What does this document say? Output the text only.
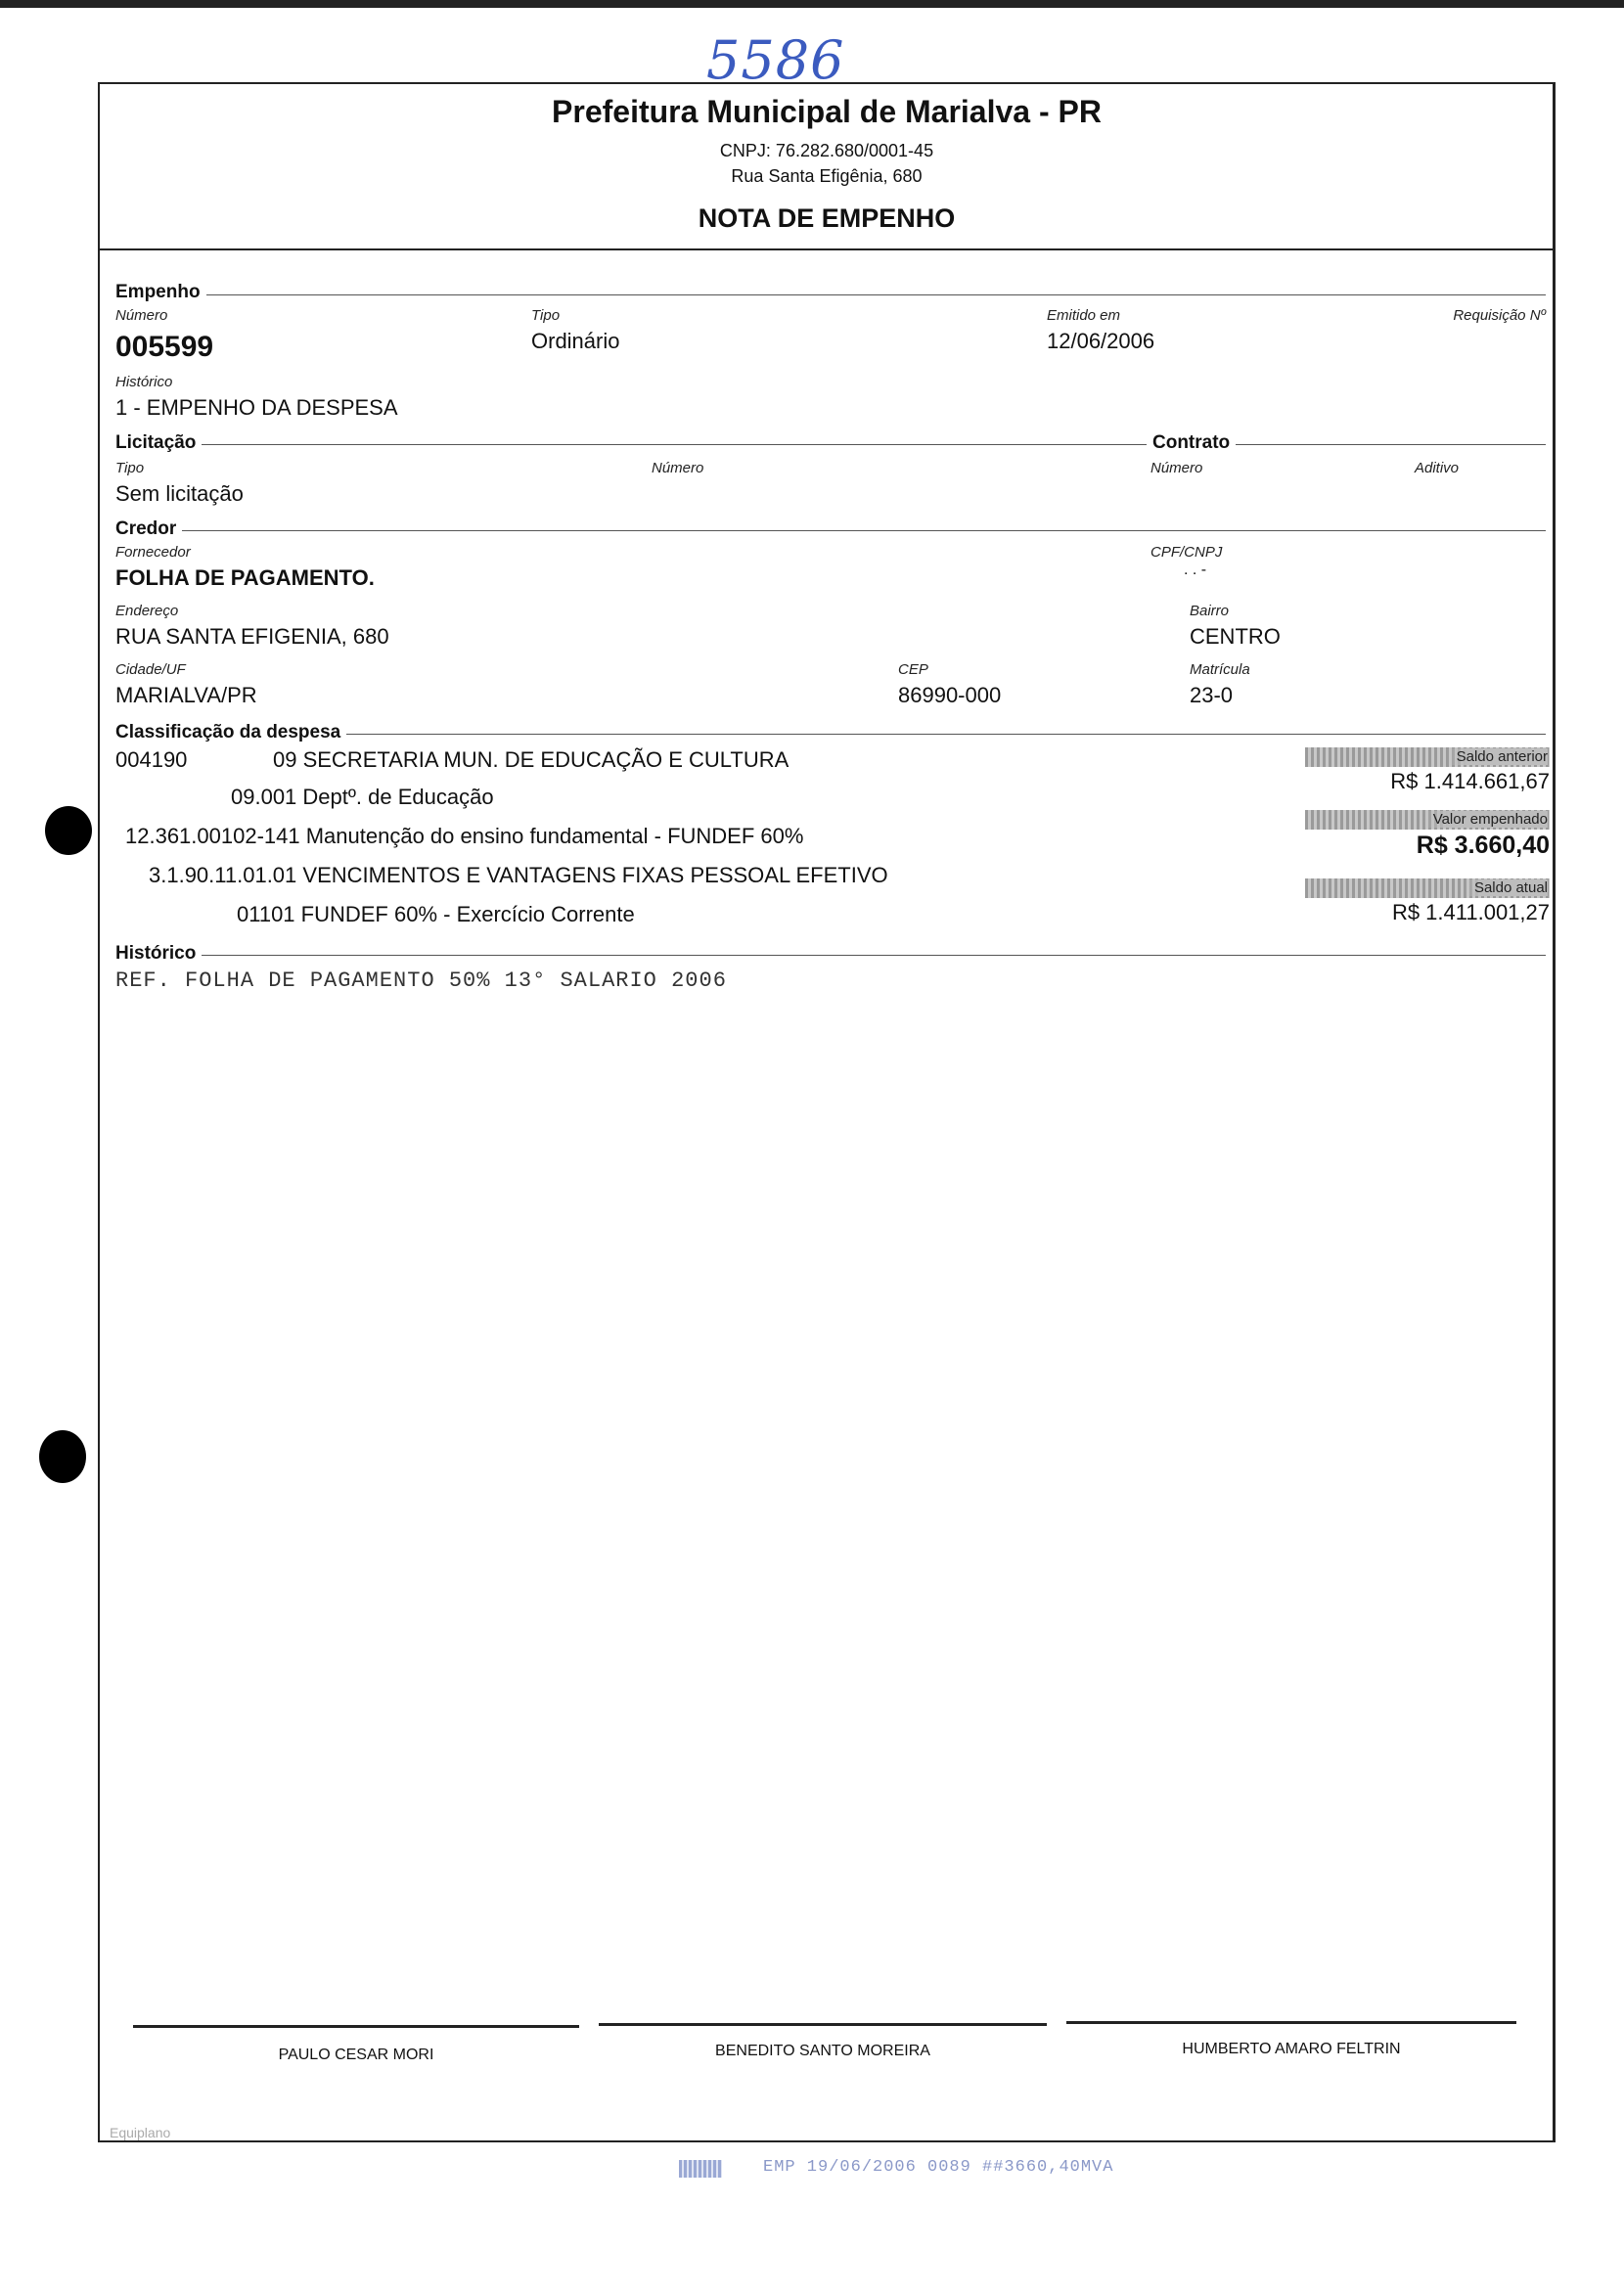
5586
Prefeitura Municipal de Marialva - PR
CNPJ: 76.282.680/0001-45
Rua Santa Efigênia, 680
NOTA DE EMPENHO
Empenho
Número
005599
Tipo
Ordinário
Emitido em
12/06/2006
Requisição Nº
Histórico
1 - EMPENHO DA DESPESA
Licitação	Contrato
Tipo
Sem licitação
Número	Número	Aditivo
Credor
Fornecedor
FOLHA DE PAGAMENTO.
CPF/CNPJ
. . -
Endereço
RUA SANTA EFIGENIA, 680
Bairro
CENTRO
Cidade/UF
MARIALVA/PR
CEP
86990-000
Matrícula
23-0
Classificação da despesa
004190	09 SECRETARIA MUN. DE EDUCAÇÃO E CULTURA
09.001 Deptº. de Educação
12.361.00102-141 Manutenção do ensino fundamental - FUNDEF 60%
3.1.90.11.01.01 VENCIMENTOS E VANTAGENS FIXAS PESSOAL EFETIVO
01101 FUNDEF 60% - Exercício Corrente
Saldo anterior
R$ 1.414.661,67
Valor empenhado
R$ 3.660,40
Saldo atual
R$ 1.411.001,27
Histórico
REF. FOLHA DE PAGAMENTO 50% 13° SALARIO 2006
PAULO CESAR MORI	BENEDITO SANTO MOREIRA	HUMBERTO AMARO FELTRIN
Equiplano
EMP 19/06/2006 0089 ##3660,40MVA
